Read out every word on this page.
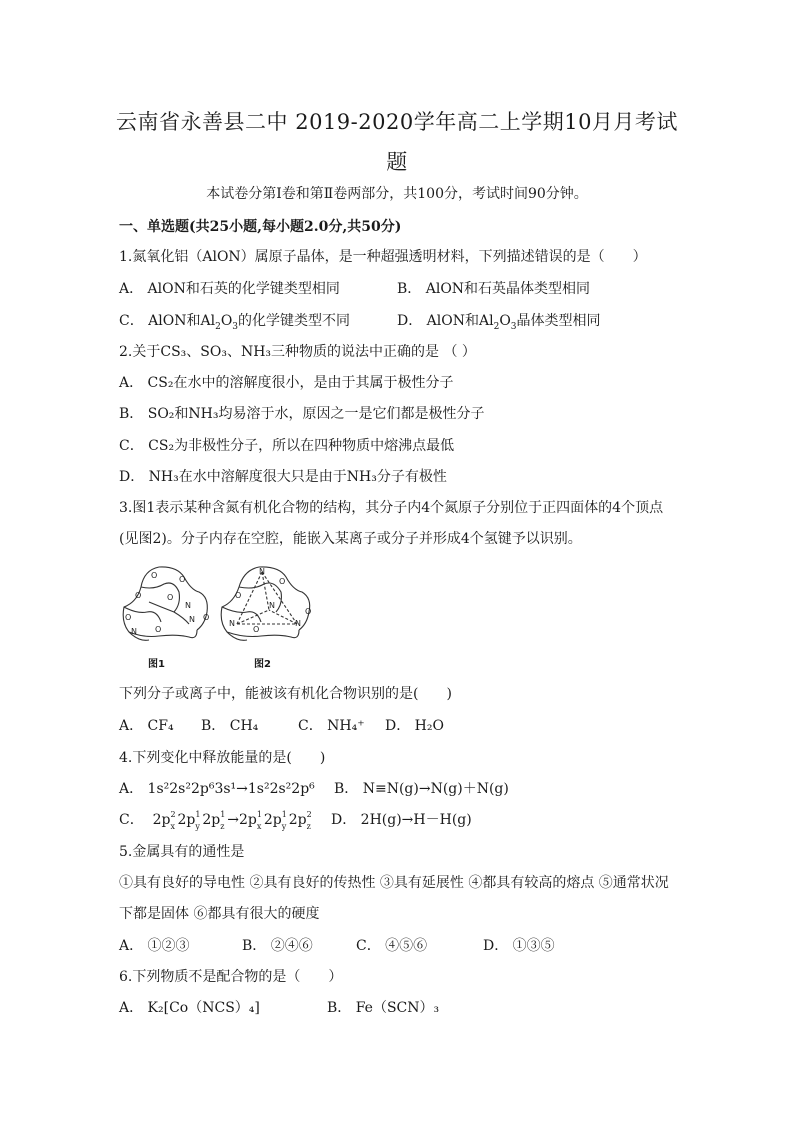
云南省永善县二中 2019-2020学年高二上学期10月月考试
题
本试卷分第Ⅰ卷和第Ⅱ卷两部分，共100分，考试时间90分钟。
一、单选题(共25小题,每小题2.0分,共50分)
1.氮氧化铝（AlON）属原子晶体，是一种超强透明材料，下列描述错误的是（　　）
A． AlON和石英的化学键类型相同	B． AlON和石英晶体类型相同
C． AlON和$Al_2O_3$的化学键类型不同	D． AlON和$Al_2O_3$晶体类型相同
2.关于CS₃、SO₃、NH₃三种物质的说法中正确的是 （ ）
A． CS₂在水中的溶解度很小，是由于其属于极性分子
B． SO₂和NH₃均易溶于水，原因之一是它们都是极性分子
C． CS₂为非极性分子，所以在四种物质中熔沸点最低
D． NH₃在水中溶解度很大只是由于NH₃分子有极性
3.图1表示某种含氮有机化合物的结构，其分子内4个氮原子分别位于正四面体的4个顶点
(见图2)。分子内存在空腔，能嵌入某离子或分子并形成4个氢键予以识别。
O	O
O	O
O
N
N O
N O
N
O
O
N	N
N
O
O
图1	图2
下列分子或离子中，能被该有机化合物识别的是(　　)
A． CF₄ B． CH₄	C． NH₄⁺ D． H₂O
4.下列变化中释放能量的是(　　)
A． 1s²2s²2p⁶3s¹→1s²2s²2p⁶ B． N≡N(g)→N(g)＋N(g)
C．  2p 2
x 2p 1
y 2p 1
z →2p 1
x 2p 1
y 2p 2
z D． 2H(g)→H－H(g)
5.金属具有的通性是
①具有良好的导电性 ②具有良好的传热性 ③具有延展性 ④都具有较高的熔点 ⑤通常状况
下都是固体 ⑥都具有很大的硬度
A． ①②③	B． ②④⑥	C． ④⑤⑥	D． ①③⑤
6.下列物质不是配合物的是（　　）
A． K₂[Co（NCS）₄]	B． Fe（SCN）₃
